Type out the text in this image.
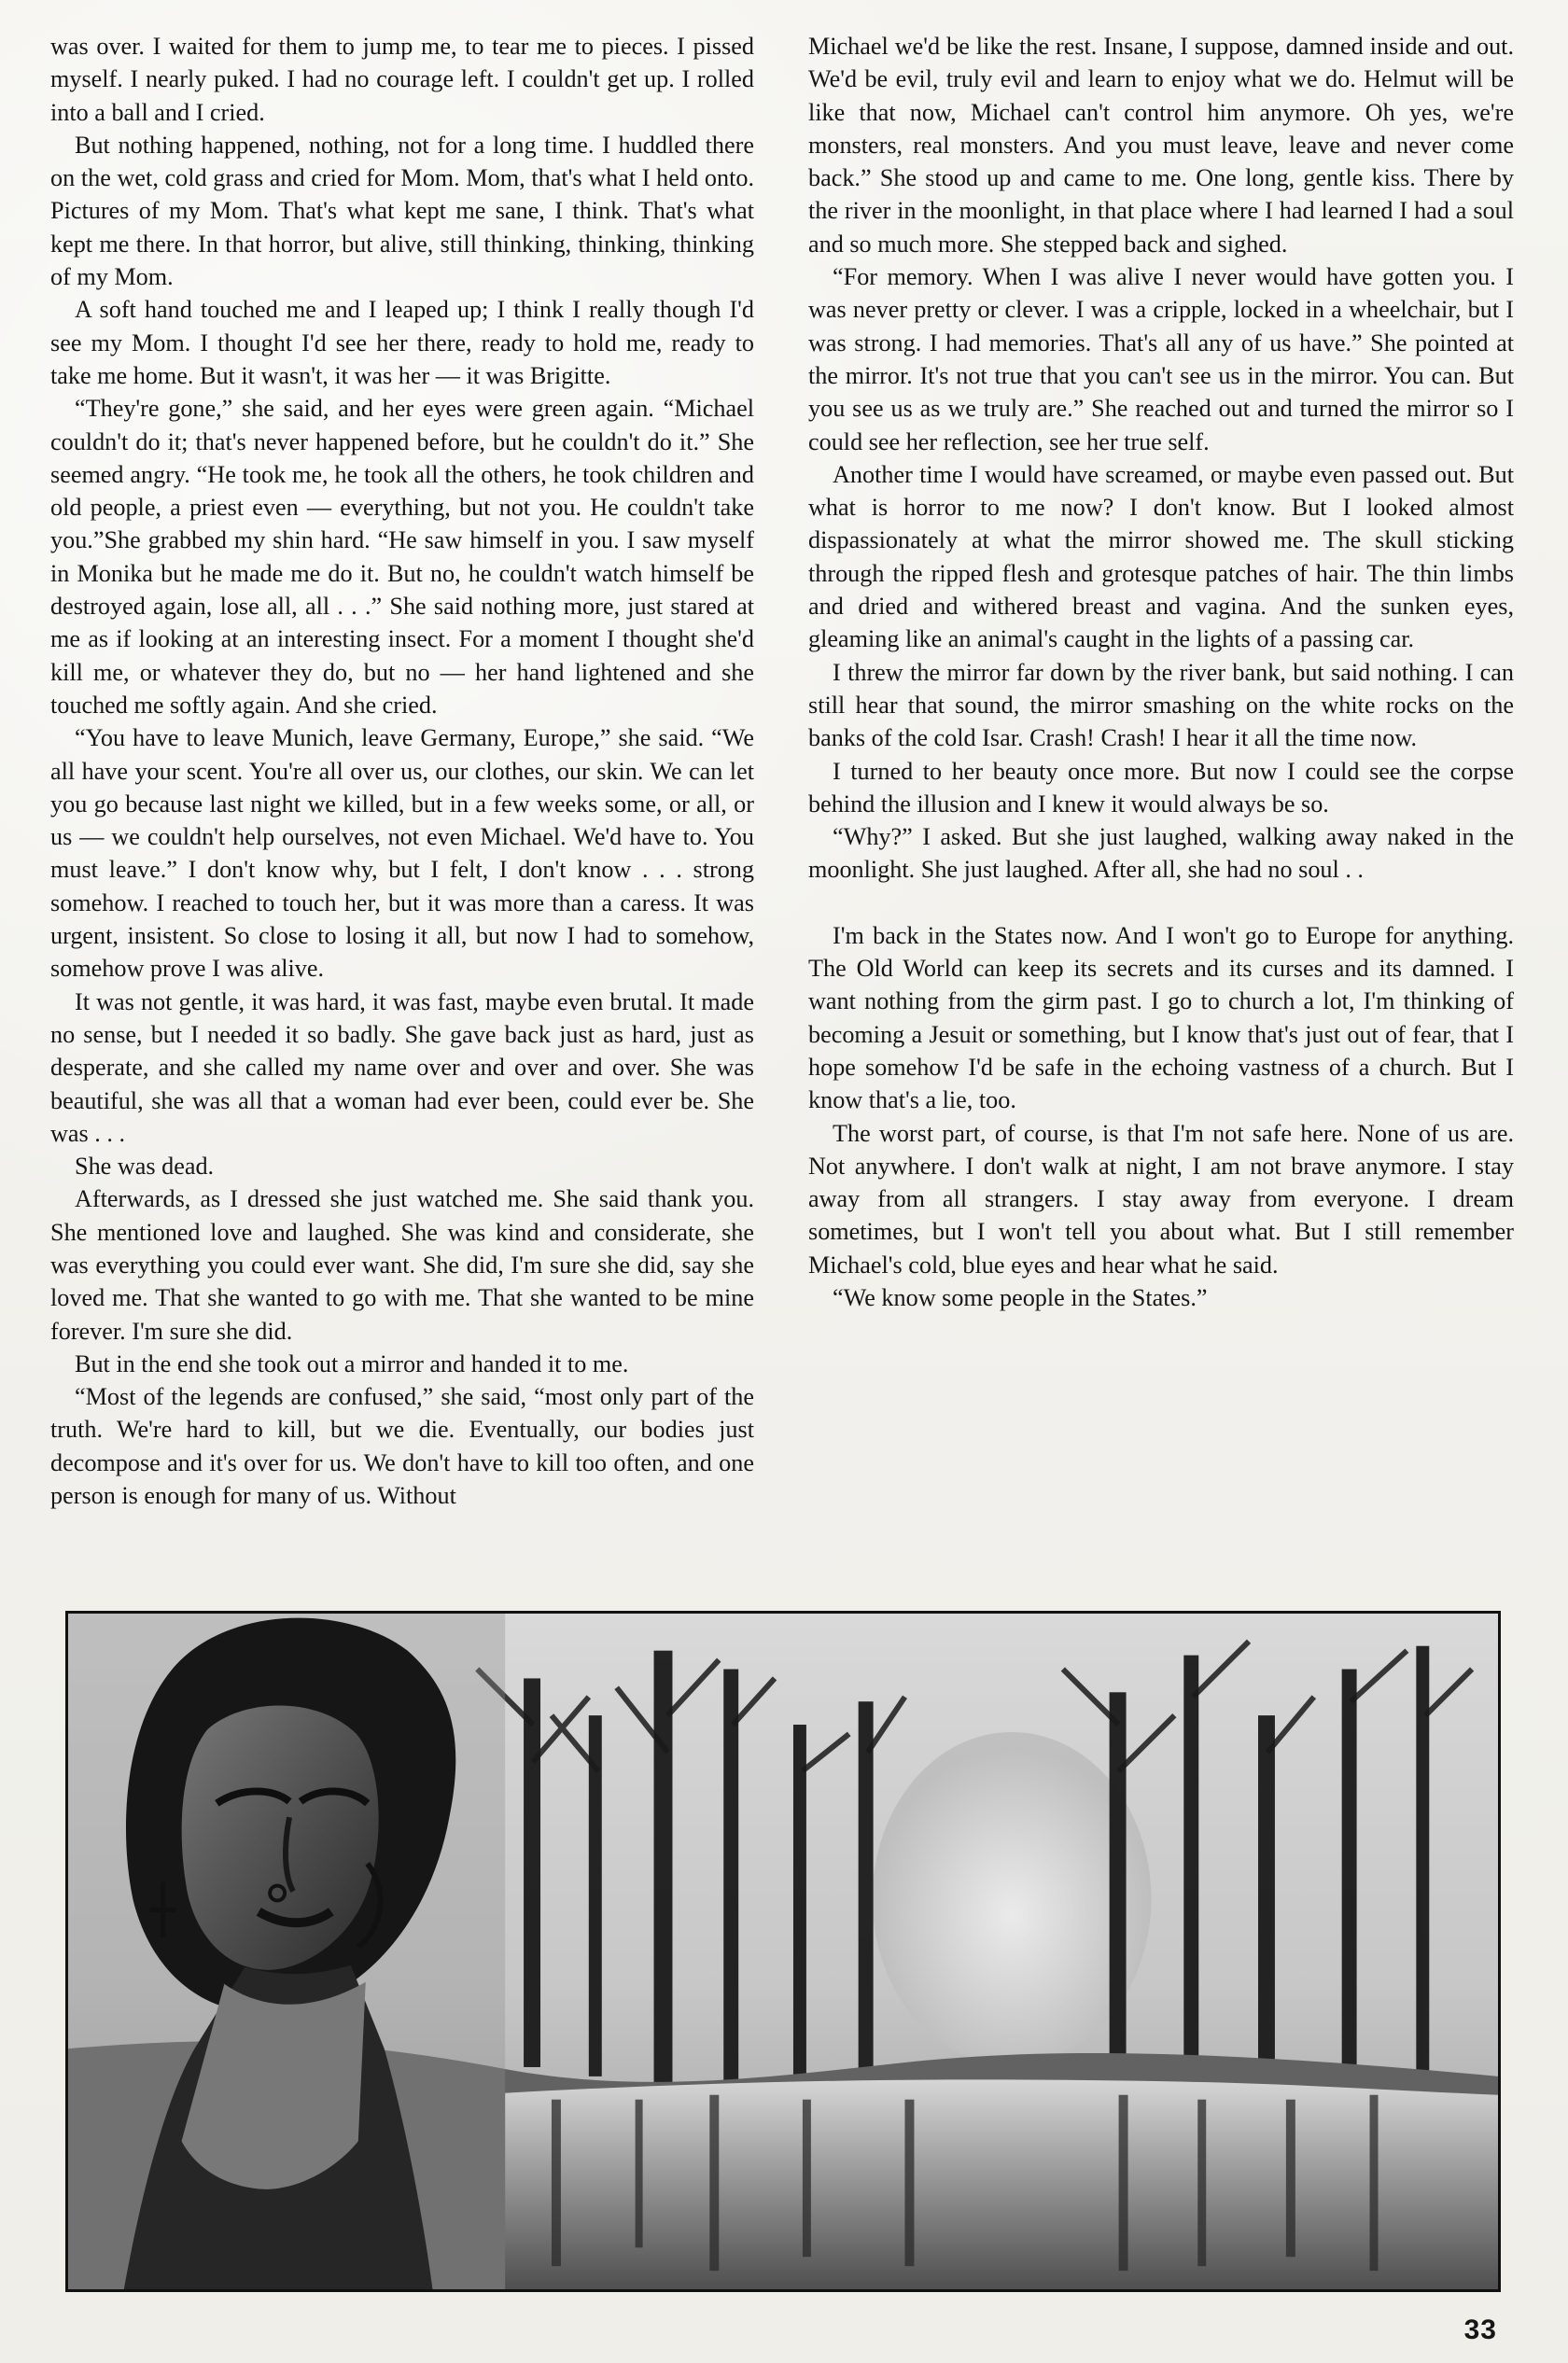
was over. I waited for them to jump me, to tear me to pieces. I pissed myself. I nearly puked. I had no courage left. I couldn't get up. I rolled into a ball and I cried.

But nothing happened, nothing, not for a long time. I huddled there on the wet, cold grass and cried for Mom. Mom, that's what I held onto. Pictures of my Mom. That's what kept me sane, I think. That's what kept me there. In that horror, but alive, still thinking, thinking, thinking of my Mom.

A soft hand touched me and I leaped up; I think I really though I'd see my Mom. I thought I'd see her there, ready to hold me, ready to take me home. But it wasn't, it was her — it was Brigitte.

“They're gone,” she said, and her eyes were green again. “Michael couldn't do it; that's never happened before, but he couldn't do it.” She seemed angry. “He took me, he took all the others, he took children and old people, a priest even — everything, but not you. He couldn't take you.”She grabbed my shin hard. “He saw himself in you. I saw myself in Monika but he made me do it. But no, he couldn't watch himself be destroyed again, lose all, all . . .” She said nothing more, just stared at me as if looking at an interesting insect. For a moment I thought she'd kill me, or whatever they do, but no — her hand lightened and she touched me softly again. And she cried.

“You have to leave Munich, leave Germany, Europe,” she said. “We all have your scent. You're all over us, our clothes, our skin. We can let you go because last night we killed, but in a few weeks some, or all, or us — we couldn't help ourselves, not even Michael. We'd have to. You must leave.” I don't know why, but I felt, I don't know . . . strong somehow. I reached to touch her, but it was more than a caress. It was urgent, insistent. So close to losing it all, but now I had to somehow, somehow prove I was alive.

It was not gentle, it was hard, it was fast, maybe even brutal. It made no sense, but I needed it so badly. She gave back just as hard, just as desperate, and she called my name over and over and over. She was beautiful, she was all that a woman had ever been, could ever be. She was . . .

She was dead.

Afterwards, as I dressed she just watched me. She said thank you. She mentioned love and laughed. She was kind and considerate, she was everything you could ever want. She did, I'm sure she did, say she loved me. That she wanted to go with me. That she wanted to be mine forever. I'm sure she did.

But in the end she took out a mirror and handed it to me.

“Most of the legends are confused,” she said, “most only part of the truth. We're hard to kill, but we die. Eventually, our bodies just decompose and it's over for us. We don't have to kill too often, and one person is enough for many of us. Without

Michael we'd be like the rest. Insane, I suppose, damned inside and out. We'd be evil, truly evil and learn to enjoy what we do. Helmut will be like that now, Michael can't control him anymore. Oh yes, we're monsters, real monsters. And you must leave, leave and never come back.” She stood up and came to me. One long, gentle kiss. There by the river in the moonlight, in that place where I had learned I had a soul and so much more. She stepped back and sighed.

“For memory. When I was alive I never would have gotten you. I was never pretty or clever. I was a cripple, locked in a wheelchair, but I was strong. I had memories. That's all any of us have.” She pointed at the mirror. It's not true that you can't see us in the mirror. You can. But you see us as we truly are.” She reached out and turned the mirror so I could see her reflection, see her true self.

Another time I would have screamed, or maybe even passed out. But what is horror to me now? I don't know. But I looked almost dispassionately at what the mirror showed me. The skull sticking through the ripped flesh and grotesque patches of hair. The thin limbs and dried and withered breast and vagina. And the sunken eyes, gleaming like an animal's caught in the lights of a passing car.

I threw the mirror far down by the river bank, but said nothing. I can still hear that sound, the mirror smashing on the white rocks on the banks of the cold Isar. Crash! Crash! I hear it all the time now.

I turned to her beauty once more. But now I could see the corpse behind the illusion and I knew it would always be so.

“Why?” I asked. But she just laughed, walking away naked in the moonlight. She just laughed. After all, she had no soul . .

I'm back in the States now. And I won't go to Europe for anything. The Old World can keep its secrets and its curses and its damned. I want nothing from the girm past. I go to church a lot, I'm thinking of becoming a Jesuit or something, but I know that's just out of fear, that I hope somehow I'd be safe in the echoing vastness of a church. But I know that's a lie, too.

The worst part, of course, is that I'm not safe here. None of us are. Not anywhere. I don't walk at night, I am not brave anymore. I stay away from all strangers. I stay away from everyone. I dream sometimes, but I won't tell you about what. But I still remember Michael's cold, blue eyes and hear what he said.

“We know some people in the States.”

33
